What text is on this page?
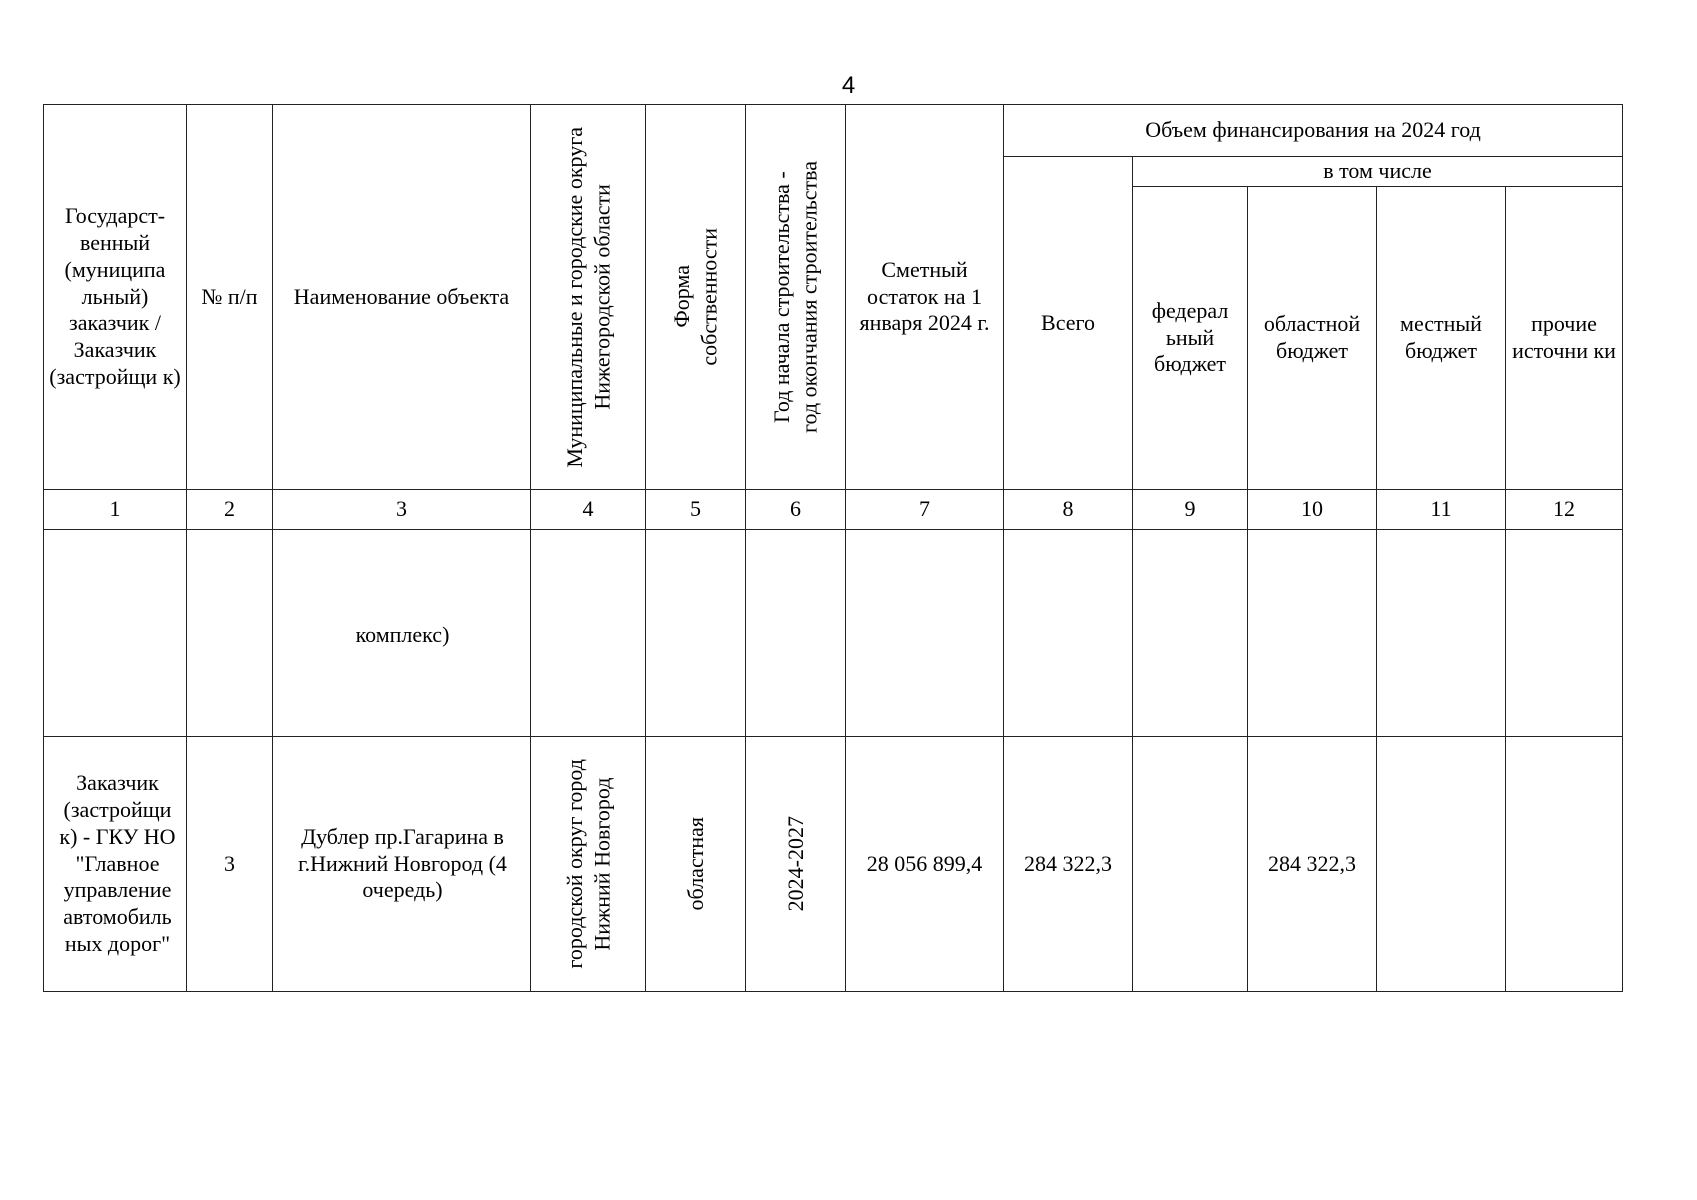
4
Государст-венный (муниципа льный) заказчик / Заказчик (застройщи к)	№ п/п	Наименование объекта	Муниципальные и городские округа Нижегородской области	Форма собственности	Год начала строительства - год окончания строительства	Сметный остаток на 1 января 2024 г.	Объем финансирования на 2024 год				
							Всего	в том числе			

								федерал ьный бюджет	областной бюджет	местный бюджет	прочие источни ки

1	2	3	4	5	6	7	8	9	10	11	12

		комплекс)									

Заказчик (застройщи к) - ГКУ НО "Главное управление автомобиль ных дорог"	3	Дублер пр.Гагарина в г.Нижний Новгород (4 очередь)	городской округ город Нижний Новгород	областная	2024-2027	28 056 899,4	284 322,3		284 322,3		
